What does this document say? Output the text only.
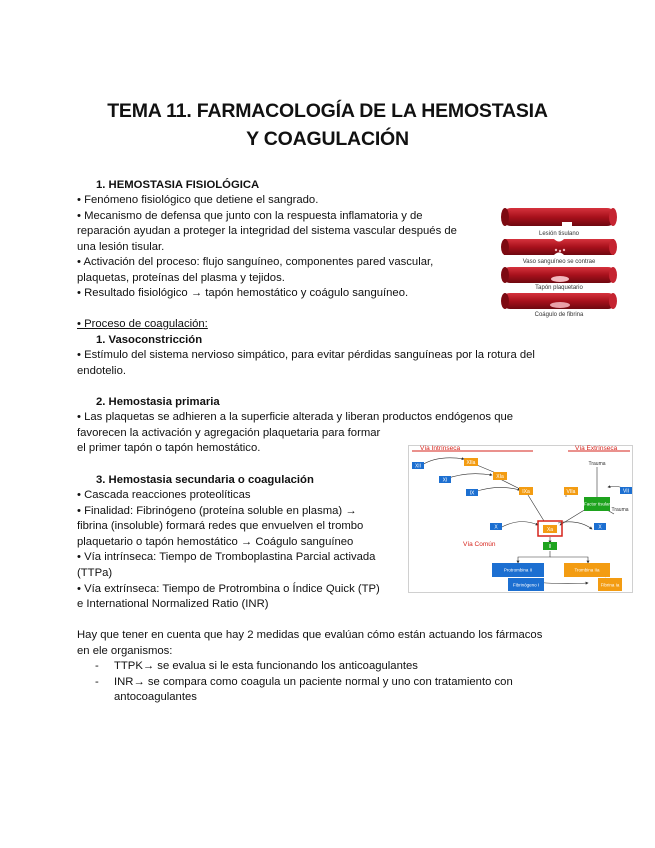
TEMA 11. FARMACOLOGÍA DE LA HEMOSTASIA
Y COAGULACIÓN
1. HEMOSTASIA FISIOLÓGICA
• Fenómeno fisiológico que detiene el sangrado.
• Mecanismo de defensa que junto con la respuesta inflamatoria y de
reparación ayudan a proteger la integridad del sistema vascular después de
una lesión tisular.
• Activación del proceso: flujo sanguíneo, componentes pared vascular,
plaquetas, proteínas del plasma y tejidos.
• Resultado fisiológico → tapón hemostático y coágulo sanguíneo.
• Proceso de coagulación:
1. Vasoconstricción
• Estímulo del sistema nervioso simpático, para evitar pérdidas sanguíneas por la rotura del
endotelio.
2. Hemostasia primaria
• Las plaquetas se adhieren a la superficie alterada y liberan productos endógenos que
favorecen la activación y agregación plaquetaria para formar
el primer tapón o tapón hemostático.
3. Hemostasia secundaria o coagulación
• Cascada reacciones proteolíticas
• Finalidad: Fibrinógeno (proteína soluble en plasma) →
fibrina (insoluble) formará redes que envuelven el trombo
plaquetario o tapón hemostático → Coágulo sanguíneo
• Vía intrínseca: Tiempo de Tromboplastina Parcial activada
(TTPa)
• Vía extrínseca: Tiempo de Protrombina o Índice Quick (TP)
e International Normalized Ratio (INR)
Hay que tener en cuenta que hay 2 medidas que evalúan cómo están actuando los fármacos
en ele organismos:
- TTPK→ se evalua si le esta funcionando los anticoagulantes
- INR→ se compara como coagula un paciente normal y uno con tratamiento con
antocoagulantes
Lesión tisulano
Vaso sanguíneo se contrae
Tapón plaquetario
Coágulo de fibrina
Vía Intrínseca	Vía Extrínseca
Trauma
Trauma
Vía Común
XII
XIIa
XI
XIa
IX	IXa	VII
VIIa
Factor tisular
X	X
Xa
II
Protrombina II	Trombina IIa
Fibrinógeno I	Fibrina Ia
